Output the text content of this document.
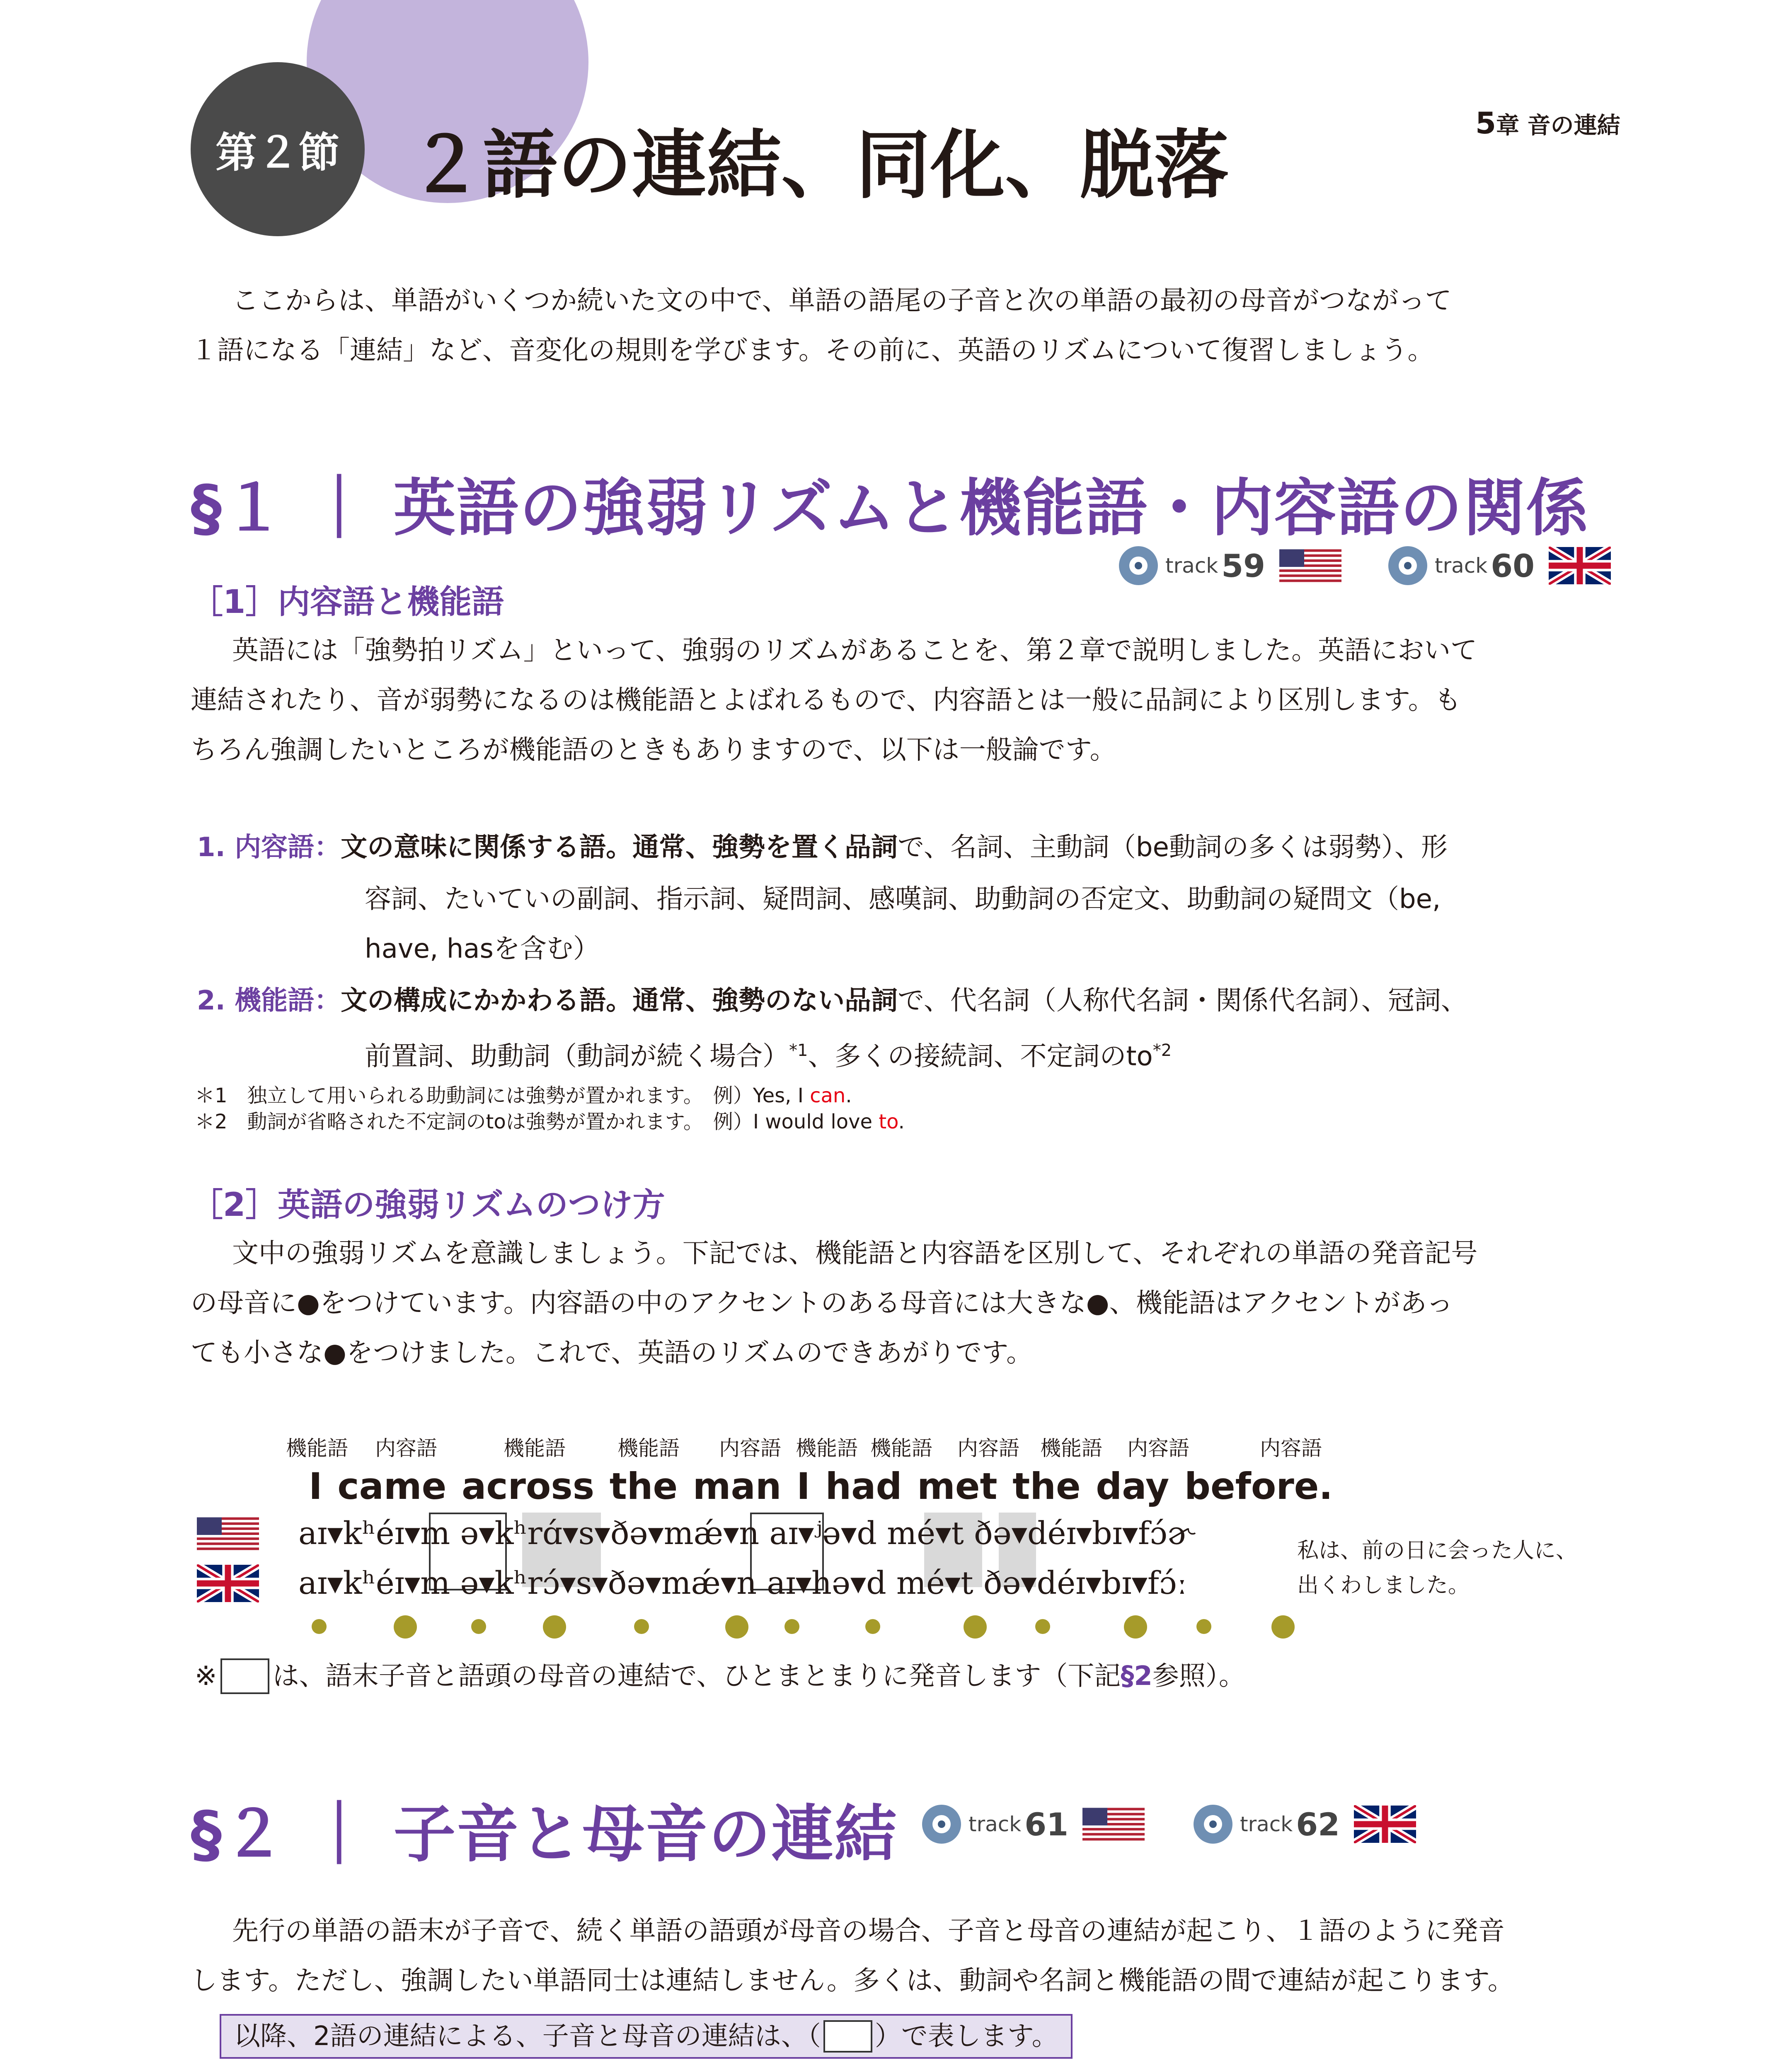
第２節 ２語の連結、同化、脱落	5章 音の連結
ここからは、単語がいくつか続いた文の中で、単語の語尾の子音と次の単語の最初の母音がつながって
１語になる「連結」など、音変化の規則を学びます。その前に、英語のリズムについて復習しましょう。
§１ ｜ 英語の強弱リズムと機能語・内容語の関係
track 59	track 60
［1］内容語と機能語
英語には「強勢拍リズム」といって、強弱のリズムがあることを、第２章で説明しました。英語において
連結されたり、音が弱勢になるのは機能語とよばれるもので、内容語とは一般に品詞により区別します。も
ちろん強調したいところが機能語のときもありますので、以下は一般論です。
1. 内容語：文の意味に関係する語。通常、強勢を置く品詞で、名詞、主動詞（be動詞の多くは弱勢）、形
容詞、たいていの副詞、指示詞、疑問詞、感嘆詞、助動詞の否定文、助動詞の疑問文（be,
have, hasを含む）
2. 機能語：文の構成にかかわる語。通常、強勢のない品詞で、代名詞（人称代名詞・関係代名詞）、冠詞、
前置詞、助動詞（動詞が続く場合）$^{*1}$、多くの接続詞、不定詞の$to^{*2}$
＊1　独立して用いられる助動詞には強勢が置かれます。　例）Yes, I can.
＊2　動詞が省略された不定詞のtoは強勢が置かれます。　例）I would love to.
［2］英語の強弱リズムのつけ方
文中の強弱リズムを意識しましょう。下記では、機能語と内容語を区別して、それぞれの単語の発音記号
の母音に●をつけています。内容語の中のアクセントのある母音には大きな●、機能語はアクセントがあっ
ても小さな●をつけました。これで、英語のリズムのできあがりです。
機能語 内容語	機能語	機能語 内容語 機能語 機能語 内容語 機能語 内容語	内容語
I came across the man I had met the day before.
aɪ▾kʰéɪ▾m ə▾kʰrɑ́▾s▾ðə▾mǽ▾n aɪ▾ʲə▾d mé▾t ðə▾déɪ▾bɪ▾fɔ́ɚ
aɪ▾kʰéɪ▾m ə▾kʰrɔ́▾s▾ðə▾mǽ▾n aɪ▾hə▾d mé▾t ðə▾déɪ▾bɪ▾fɔ́ː
私は、前の日に会った人に、
出くわしました。
※ は、語末子音と語頭の母音の連結で、ひとまとまりに発音します（下記 §2 参照）。
§２ ｜ 子音と母音の連結	track 61	track 62
先行の単語の語末が子音で、続く単語の語頭が母音の場合、子音と母音の連結が起こり、１語のように発音
します。ただし、強調したい単語同士は連結しません。多くは、動詞や名詞と機能語の間で連結が起こります。
以降、2語の連結による、子音と母音の連結は、（ ）で表します。
